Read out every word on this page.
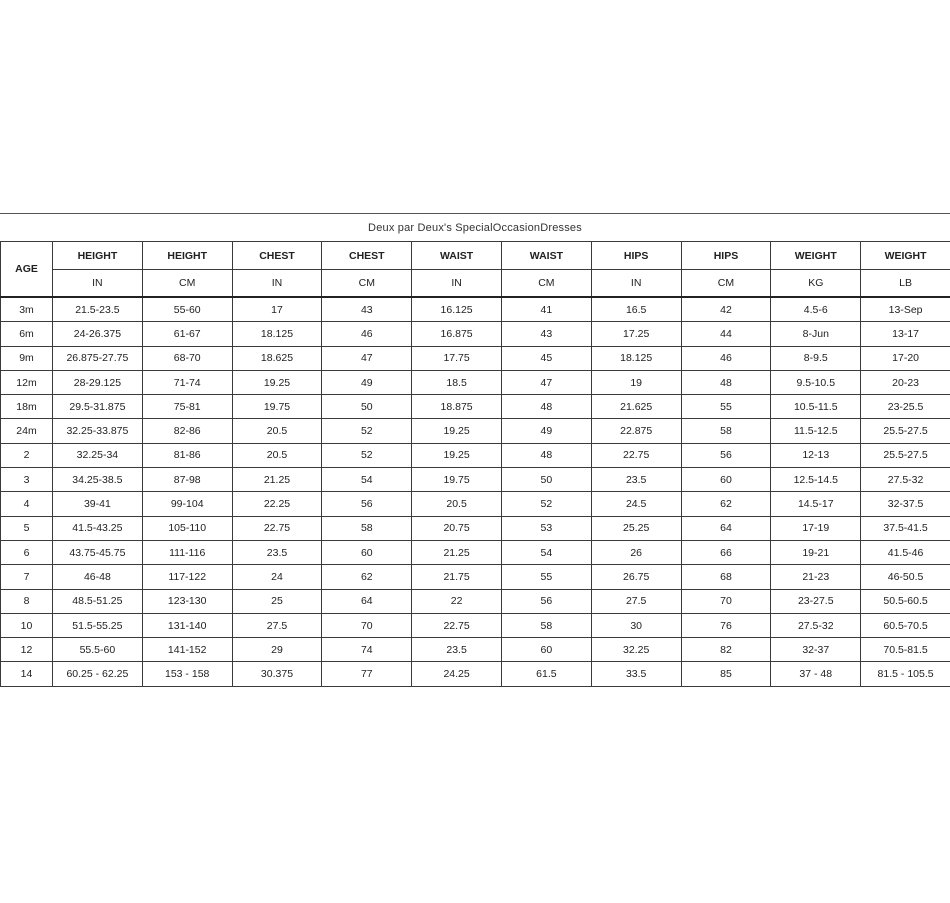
Deux par Deux's SpecialOccasionDresses
AGE	HEIGHT	HEIGHT	CHEST	CHEST	WAIST	WAIST	HIPS	HIPS	WEIGHT	WEIGHT
	IN	CM	IN	CM	IN	CM	IN	CM	KG	LB
3m	21.5-23.5	55-60	17	43	16.125	41	16.5	42	4.5-6	13-Sep
6m	24-26.375	61-67	18.125	46	16.875	43	17.25	44	8-Jun	13-17
9m	26.875-27.75	68-70	18.625	47	17.75	45	18.125	46	8-9.5	17-20
12m	28-29.125	71-74	19.25	49	18.5	47	19	48	9.5-10.5	20-23
18m	29.5-31.875	75-81	19.75	50	18.875	48	21.625	55	10.5-11.5	23-25.5
24m	32.25-33.875	82-86	20.5	52	19.25	49	22.875	58	11.5-12.5	25.5-27.5
2	32.25-34	81-86	20.5	52	19.25	48	22.75	56	12-13	25.5-27.5
3	34.25-38.5	87-98	21.25	54	19.75	50	23.5	60	12.5-14.5	27.5-32
4	39-41	99-104	22.25	56	20.5	52	24.5	62	14.5-17	32-37.5
5	41.5-43.25	105-110	22.75	58	20.75	53	25.25	64	17-19	37.5-41.5
6	43.75-45.75	111-116	23.5	60	21.25	54	26	66	19-21	41.5-46
7	46-48	117-122	24	62	21.75	55	26.75	68	21-23	46-50.5
8	48.5-51.25	123-130	25	64	22	56	27.5	70	23-27.5	50.5-60.5
10	51.5-55.25	131-140	27.5	70	22.75	58	30	76	27.5-32	60.5-70.5
12	55.5-60	141-152	29	74	23.5	60	32.25	82	32-37	70.5-81.5
14	60.25 - 62.25	153 - 158	30.375	77	24.25	61.5	33.5	85	37 - 48	81.5 - 105.5
